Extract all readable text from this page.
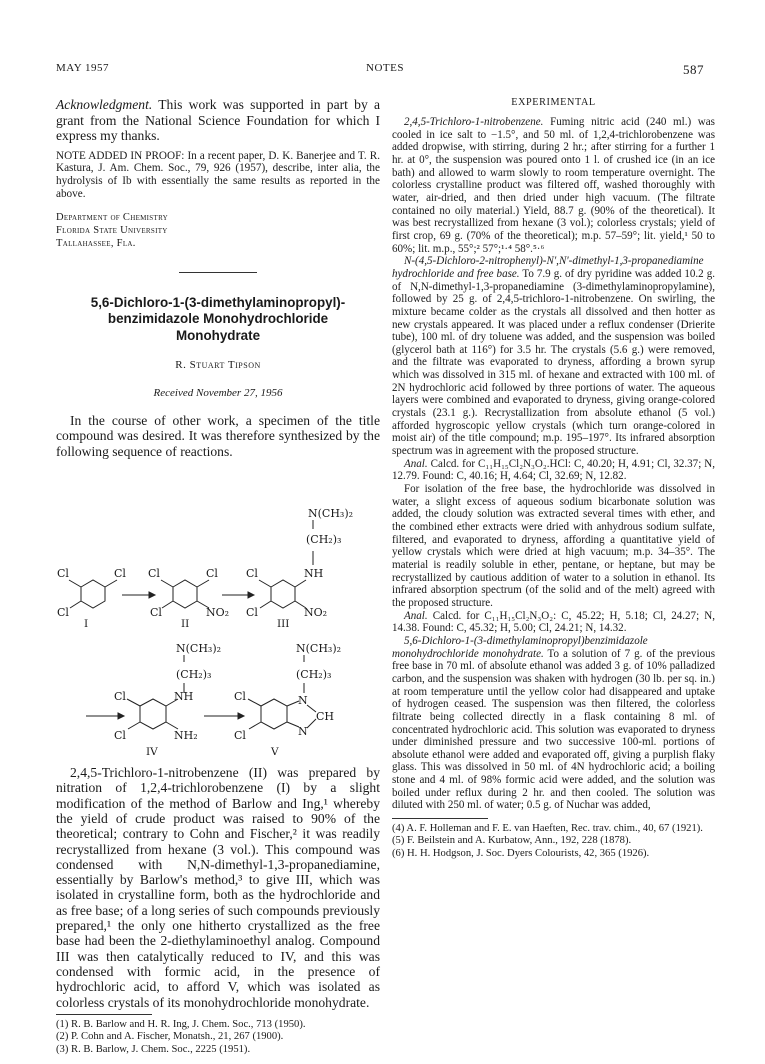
MAY 1957	NOTES	587

Acknowledgment. This work was supported in part by a grant from the National Science Foundation for which I express my thanks.

NOTE ADDED IN PROOF: In a recent paper, D. K. Banerjee and T. R. Kastura, J. Am. Chem. Soc., 79, 926 (1957), describe, inter alia, the hydrolysis of Ib with essentially the same results as reported in the above.

Department of Chemistry
Florida State University
Tallahassee, Fla.
5,6-Dichloro-1-(3-dimethylaminopropyl)-
benzimidazole Monohydrochloride
Monohydrate
R. Stuart Tipson
Received November 27, 1956

In the course of other work, a specimen of the title compound was desired. It was therefore synthesized by the following sequence of reactions.

Cl	Cl
Cl
Cl	Cl
Cl	NO₂
Cl
Cl
NH
NO₂
N(CH₃)₂
(CH₂)₃
Cl
Cl
NH
NH₂
N(CH₃)₂
(CH₂)₃
Cl
Cl
N
CH
N
N(CH₃)₂
(CH₂)₃
I	II	III
IV	V

2,4,5-Trichloro-1-nitrobenzene (II) was prepared by nitration of 1,2,4-trichlorobenzene (I) by a slight modification of the method of Barlow and Ing,¹ whereby the yield of crude product was raised to 90% of the theoretical; contrary to Cohn and Fischer,² it was readily recrystallized from hexane (3 vol.). This compound was condensed with N,N-dimethyl-1,3-propanediamine, essentially by Barlow's method,³ to give III, which was isolated in crystalline form, both as the hydrochloride and as free base; of a long series of such compounds previously prepared,¹ the only one hitherto crystallized as the free base had been the 2-diethylaminoethyl analog. Compound III was then catalytically reduced to IV, and this was condensed with formic acid, in the presence of hydrochloric acid, to afford V, which was isolated as colorless crystals of its monohydrochloride monohydrate.

(1) R. B. Barlow and H. R. Ing, J. Chem. Soc., 713 (1950).

(2) P. Cohn and A. Fischer, Monatsh., 21, 267 (1900).

(3) R. B. Barlow, J. Chem. Soc., 2225 (1951).

EXPERIMENTAL

2,4,5-Trichloro-1-nitrobenzene. Fuming nitric acid (240 ml.) was cooled in ice salt to −1.5°, and 50 ml. of 1,2,4-trichlorobenzene was added dropwise, with stirring, during 2 hr.; after stirring for a further 1 hr. at 0°, the suspension was poured onto 1 l. of crushed ice (in an ice bath) and allowed to warm slowly to room temperature overnight. The colorless crystalline product was filtered off, washed thoroughly with water, air-dried, and then dried under high vacuum. (The filtrate contained no oily material.) Yield, 88.7 g. (90% of the theoretical). It was best recrystallized from hexane (3 vol.); colorless crystals; yield of first crop, 69 g. (70% of the theoretical); m.p. 57–59°; lit. yield,¹ 50 to 60%; lit. m.p., 55°;² 57°;¹·⁴ 58°.⁵·⁶

N-(4,5-Dichloro-2-nitrophenyl)-N',N'-dimethyl-1,3-propanediamine hydrochloride and free base. To 7.9 g. of dry pyridine was added 10.2 g. of N,N-dimethyl-1,3-propanediamine (3-dimethylaminopropylamine), followed by 25 g. of 2,4,5-trichloro-1-nitrobenzene. On swirling, the mixture became colder as the crystals all dissolved and then hotter as new crystals appeared. It was placed under a reflux condenser (Drierite tube), 100 ml. of dry toluene was added, and the suspension was boiled (glycerol bath at 116°) for 3.5 hr. The crystals (5.6 g.) were removed, and the filtrate was evaporated to dryness, affording a brown syrup which was dissolved in 315 ml. of hexane and extracted with 100 ml. of 2N hydrochloric acid followed by three portions of water. The aqueous layers were combined and evaporated to dryness, giving orange-colored crystals (23.1 g.). Recrystallization from absolute ethanol (5 vol.) afforded hygroscopic yellow crystals (which turn orange-colored in moist air) of the title compound; m.p. 195–197°. Its infrared absorption spectrum was in agreement with the proposed structure.

Anal. Calcd. for C₁₁H₁₅Cl₂N₃O₂.HCl: C, 40.20; H, 4.91; Cl, 32.37; N, 12.79. Found: C, 40.16; H, 4.64; Cl, 32.69; N, 12.82.

For isolation of the free base, the hydrochloride was dissolved in water, a slight excess of aqueous sodium bicarbonate solution was added, the cloudy solution was extracted several times with ether, and the combined ether extracts were dried with anhydrous sodium sulfate, filtered, and evaporated to dryness, affording a quantitative yield of yellow crystals which were dried at high vacuum; m.p. 34–35°. The material is readily soluble in ether, pentane, or heptane, but may be recrystallized by cautious addition of water to a solution in ethanol. Its infrared absorption spectrum (of the solid and of the melt) agreed with the proposed structure.

Anal. Calcd. for C₁₁H₁₅Cl₂N₃O₂: C, 45.22; H, 5.18; Cl, 24.27; N, 14.38. Found: C, 45.32; H, 5.00; Cl, 24.21; N, 14.32.

5,6-Dichloro-1-(3-dimethylaminopropyl)benzimidazole monohydrochloride monohydrate. To a solution of 7 g. of the previous free base in 70 ml. of absolute ethanol was added 3 g. of 10% palladized carbon, and the suspension was shaken with hydrogen (30 lb. per sq. in.) at room temperature until the yellow color had disappeared and uptake of hydrogen ceased. The suspension was then filtered, the colorless filtrate being collected directly in a flask containing 8 ml. of concentrated hydrochloric acid. This solution was evaporated to dryness under diminished pressure and two successive 100-ml. portions of absolute ethanol were added and evaporated off, giving a purplish flaky glass. This was dissolved in 50 ml. of 4N hydrochloric acid; a boiling stone and 4 ml. of 98% formic acid were added, and the solution was boiled under reflux during 2 hr. and then cooled. The solution was diluted with 250 ml. of water; 0.5 g. of Nuchar was added,

(4) A. F. Holleman and F. E. van Haeften, Rec. trav. chim., 40, 67 (1921).

(5) F. Beilstein and A. Kurbatow, Ann., 192, 228 (1878).

(6) H. H. Hodgson, J. Soc. Dyers Colourists, 42, 365 (1926).
